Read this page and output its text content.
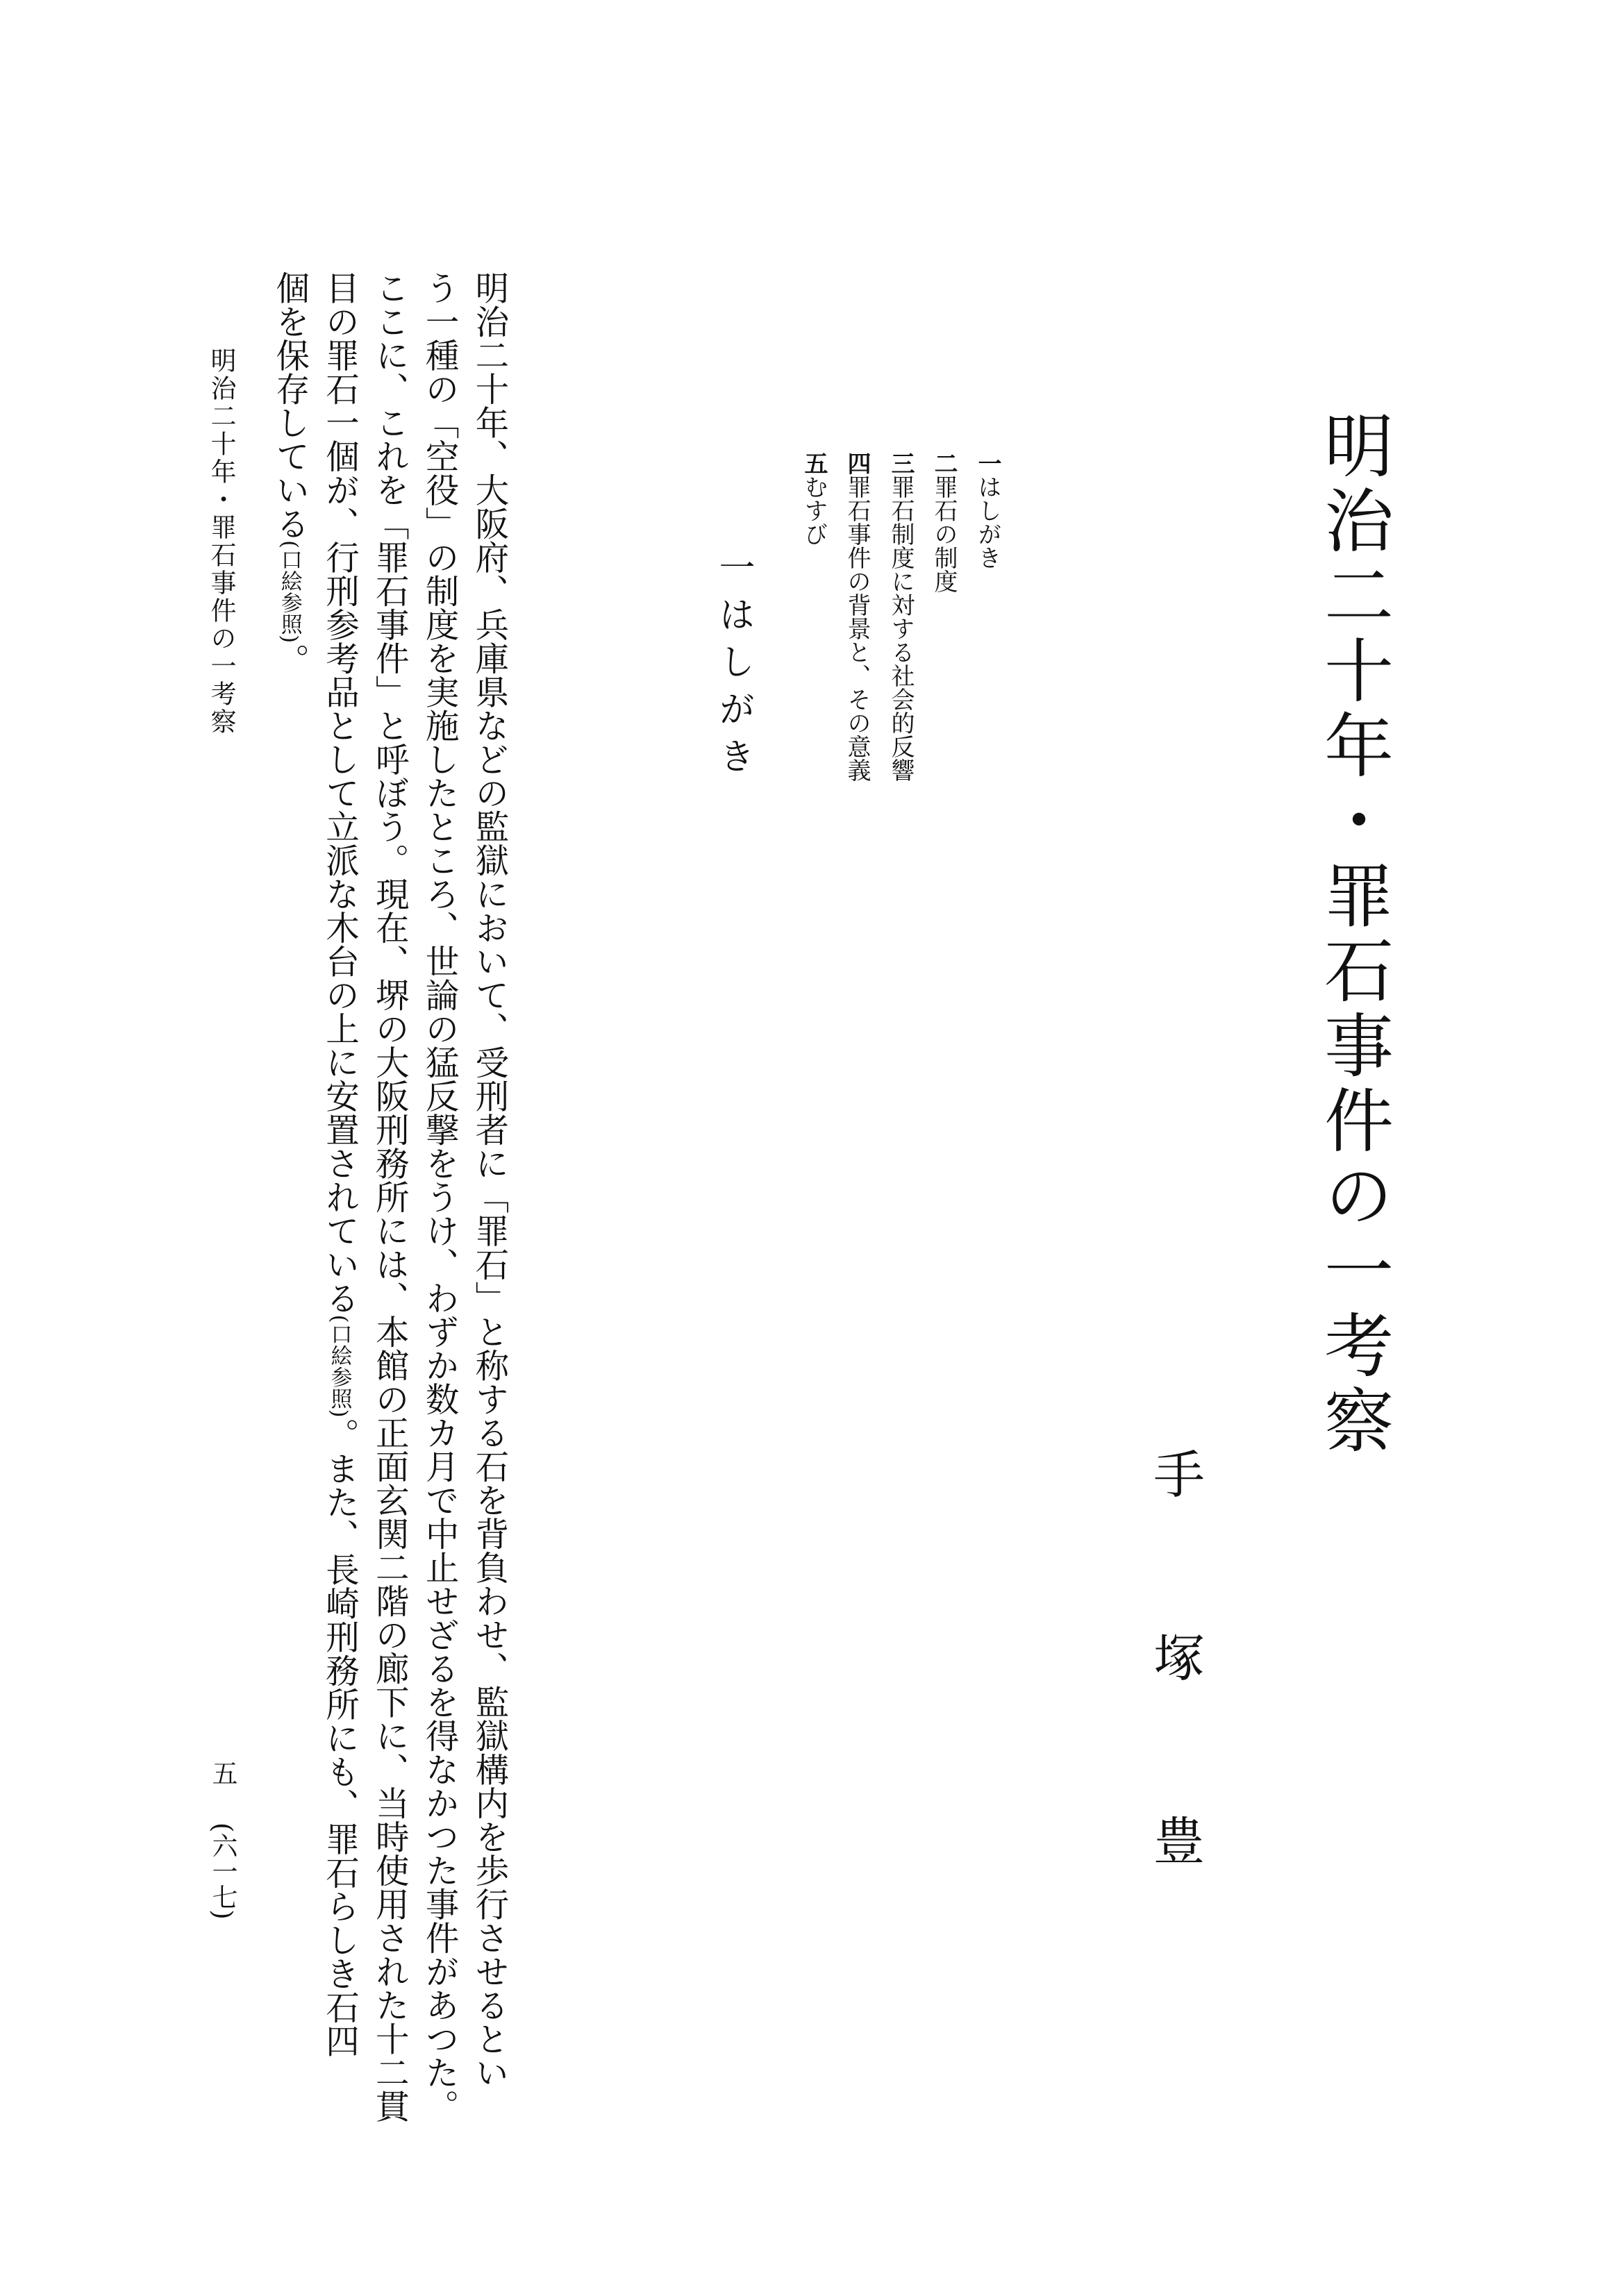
明治二十年・罪石事件の一考察
手塚豊
一はしがき
二罪石の制度
三罪石制度に対する社会的反響
四罪石事件の背景と、その意義
五むすび
一はしがき
明治二十年、大阪府、兵庫県などの監獄において、受刑者に「罪石」と称する石を背負わせ、監獄構内を歩行させるとい
う一種の「空役」の制度を実施したところ、世論の猛反撃をうけ、わずか数カ月で中止せざるを得なかつた事件があつた。
ここに、これを「罪石事件」と呼ぼう。現在、堺の大阪刑務所には、本館の正面玄関二階の廊下に、当時使用された十二貫
目の罪石一個が、行刑参考品として立派な木台の上に安置されている(口絵参照)。また、長崎刑務所にも、罪石らしき石四
個を保存している(口絵参照)。
明治二十年・罪石事件の一考察
五
(六一七)
